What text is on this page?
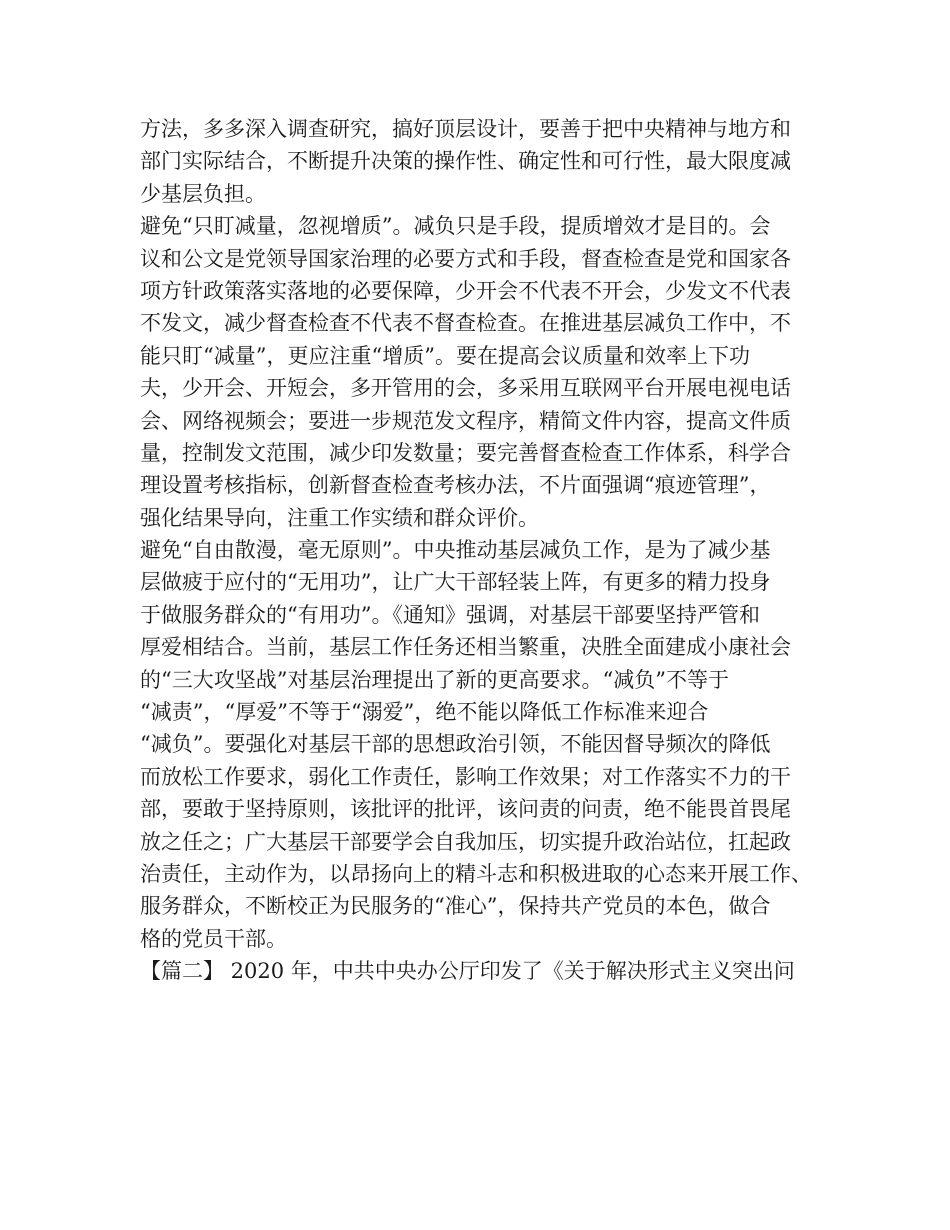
方法，多多深入调查研究，搞好顶层设计，要善于把中央精神与地方和
部门实际结合，不断提升决策的操作性、确定性和可行性，最大限度减
少基层负担。
避免“只盯减量，忽视增质”。减负只是手段，提质增效才是目的。会
议和公文是党领导国家治理的必要方式和手段，督查检查是党和国家各
项方针政策落实落地的必要保障，少开会不代表不开会，少发文不代表
不发文，减少督查检查不代表不督查检查。在推进基层减负工作中，不
能只盯“减量”，更应注重“增质”。要在提高会议质量和效率上下功
夫，少开会、开短会，多开管用的会，多采用互联网平台开展电视电话
会、网络视频会；要进一步规范发文程序，精简文件内容，提高文件质
量，控制发文范围，减少印发数量；要完善督查检查工作体系，科学合
理设置考核指标，创新督查检查考核办法，不片面强调“痕迹管理”，
强化结果导向，注重工作实绩和群众评价。
避免“自由散漫，毫无原则”。中央推动基层减负工作，是为了减少基
层做疲于应付的“无用功”，让广大干部轻装上阵，有更多的精力投身
于做服务群众的“有用功”。《通知》强调，对基层干部要坚持严管和
厚爱相结合。当前，基层工作任务还相当繁重，决胜全面建成小康社会
的“三大攻坚战”对基层治理提出了新的更高要求。“减负”不等于
“减责”，“厚爱”不等于“溺爱”，绝不能以降低工作标准来迎合
“减负”。要强化对基层干部的思想政治引领，不能因督导频次的降低
而放松工作要求，弱化工作责任，影响工作效果；对工作落实不力的干
部，要敢于坚持原则，该批评的批评，该问责的问责，绝不能畏首畏尾
放之任之；广大基层干部要学会自我加压，切实提升政治站位，扛起政
治责任，主动作为，以昂扬向上的精斗志和积极进取的心态来开展工作、
服务群众，不断校正为民服务的“准心”，保持共产党员的本色，做合
格的党员干部。
【篇二】 2020 年，中共中央办公厅印发了《关于解决形式主义突出问
